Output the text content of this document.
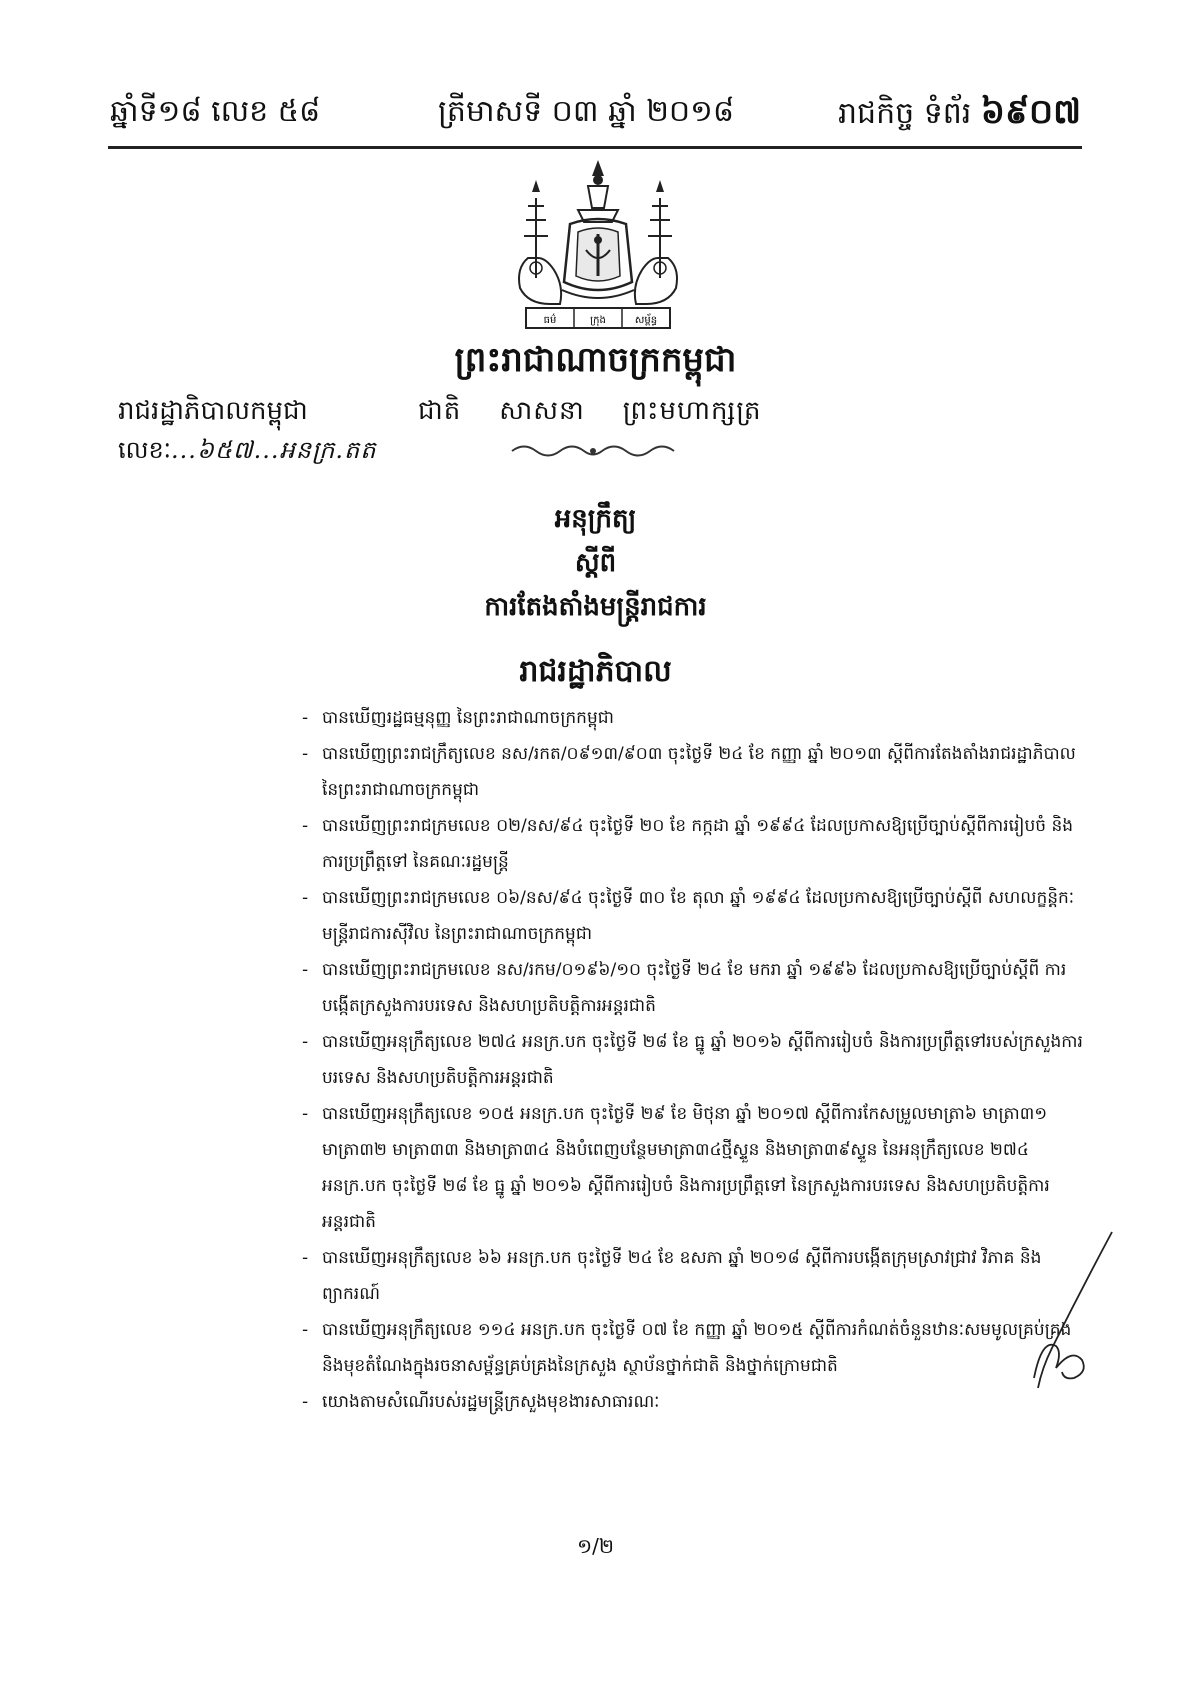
ឆ្នាំទី១៨ លេខ ៥៨	ត្រីមាសទី ០៣ ឆ្នាំ ២០១៨	រាជកិច្ច ទំព័រ ៦៩០៧
ធម៌	ក្រុង	សម្ព័ន្ធ
ព្រះរាជាណាចក្រកម្ពុជា
រាជរដ្ឋាភិបាលកម្ពុជា	ជាតិ សាសនា ព្រះមហាក្សត្រ
លេខៈ...៦៥៧...អនក្រ.តត
អនុក្រឹត្យ
ស្តីពី
ការតែងតាំងមន្ត្រីរាជការ
រាជរដ្ឋាភិបាល
- បានឃើញរដ្ឋធម្មនុញ្ញ នៃព្រះរាជាណាចក្រកម្ពុជា
- បានឃើញព្រះរាជក្រឹត្យលេខ នស/រកត/០៩១៣/៩០៣ ចុះថ្ងៃទី ២៤ ខែ កញ្ញា ឆ្នាំ ២០១៣ ស្តីពីការតែងតាំងរាជរដ្ឋាភិបាល នៃព្រះរាជាណាចក្រកម្ពុជា
- បានឃើញព្រះរាជក្រមលេខ ០២/នស/៩៤ ចុះថ្ងៃទី ២០ ខែ កក្កដា ឆ្នាំ ១៩៩៤ ដែលប្រកាសឱ្យប្រើច្បាប់ស្តីពីការរៀបចំ និងការប្រព្រឹត្តទៅ នៃគណៈរដ្ឋមន្ត្រី
- បានឃើញព្រះរាជក្រមលេខ ០៦/នស/៩៤ ចុះថ្ងៃទី ៣០ ខែ តុលា ឆ្នាំ ១៩៩៤ ដែលប្រកាសឱ្យប្រើច្បាប់ស្តីពី សហលក្ខន្តិកៈមន្ត្រីរាជការស៊ីវិល នៃព្រះរាជាណាចក្រកម្ពុជា
- បានឃើញព្រះរាជក្រមលេខ នស/រកម/០១៩៦/១០ ចុះថ្ងៃទី ២៤ ខែ មករា ឆ្នាំ ១៩៩៦ ដែលប្រកាសឱ្យប្រើច្បាប់ស្តីពី ការបង្កើតក្រសួងការបរទេស និងសហប្រតិបត្តិការអន្តរជាតិ
- បានឃើញអនុក្រឹត្យលេខ ២៧៤ អនក្រ.បក ចុះថ្ងៃទី ២៨ ខែ ធ្នូ ឆ្នាំ ២០១៦ ស្តីពីការរៀបចំ និងការប្រព្រឹត្តទៅរបស់ក្រសួងការបរទេស និងសហប្រតិបត្តិការអន្តរជាតិ
- បានឃើញអនុក្រឹត្យលេខ ១០៥ អនក្រ.បក ចុះថ្ងៃទី ២៩ ខែ មិថុនា ឆ្នាំ ២០១៧ ស្តីពីការកែសម្រួលមាត្រា៦ មាត្រា៣១ មាត្រា៣២ មាត្រា៣៣ និងមាត្រា៣៤ និងបំពេញបន្ថែមមាត្រា៣៤ថ្មីស្ទួន និងមាត្រា៣៩ស្ទួន នៃអនុក្រឹត្យលេខ ២៧៤ អនក្រ.បក ចុះថ្ងៃទី ២៨ ខែ ធ្នូ ឆ្នាំ ២០១៦ ស្តីពីការរៀបចំ និងការប្រព្រឹត្តទៅ នៃក្រសួងការបរទេស និងសហប្រតិបត្តិការអន្តរជាតិ
- បានឃើញអនុក្រឹត្យលេខ ៦៦ អនក្រ.បក ចុះថ្ងៃទី ២៤ ខែ ឧសភា ឆ្នាំ ២០១៨ ស្តីពីការបង្កើតក្រុមស្រាវជ្រាវ វិភាគ និងព្យាករណ៍
- បានឃើញអនុក្រឹត្យលេខ ១១៤ អនក្រ.បក ចុះថ្ងៃទី ០៧ ខែ កញ្ញា ឆ្នាំ ២០១៥ ស្តីពីការកំណត់ចំនួនឋានៈសមមូលគ្រប់គ្រង និងមុខតំណែងក្នុងរចនាសម្ព័ន្ធគ្រប់គ្រងនៃក្រសួង ស្ថាប័នថ្នាក់ជាតិ និងថ្នាក់ក្រោមជាតិ
- យោងតាមសំណើរបស់រដ្ឋមន្ត្រីក្រសួងមុខងារសាធារណៈ
១/២
